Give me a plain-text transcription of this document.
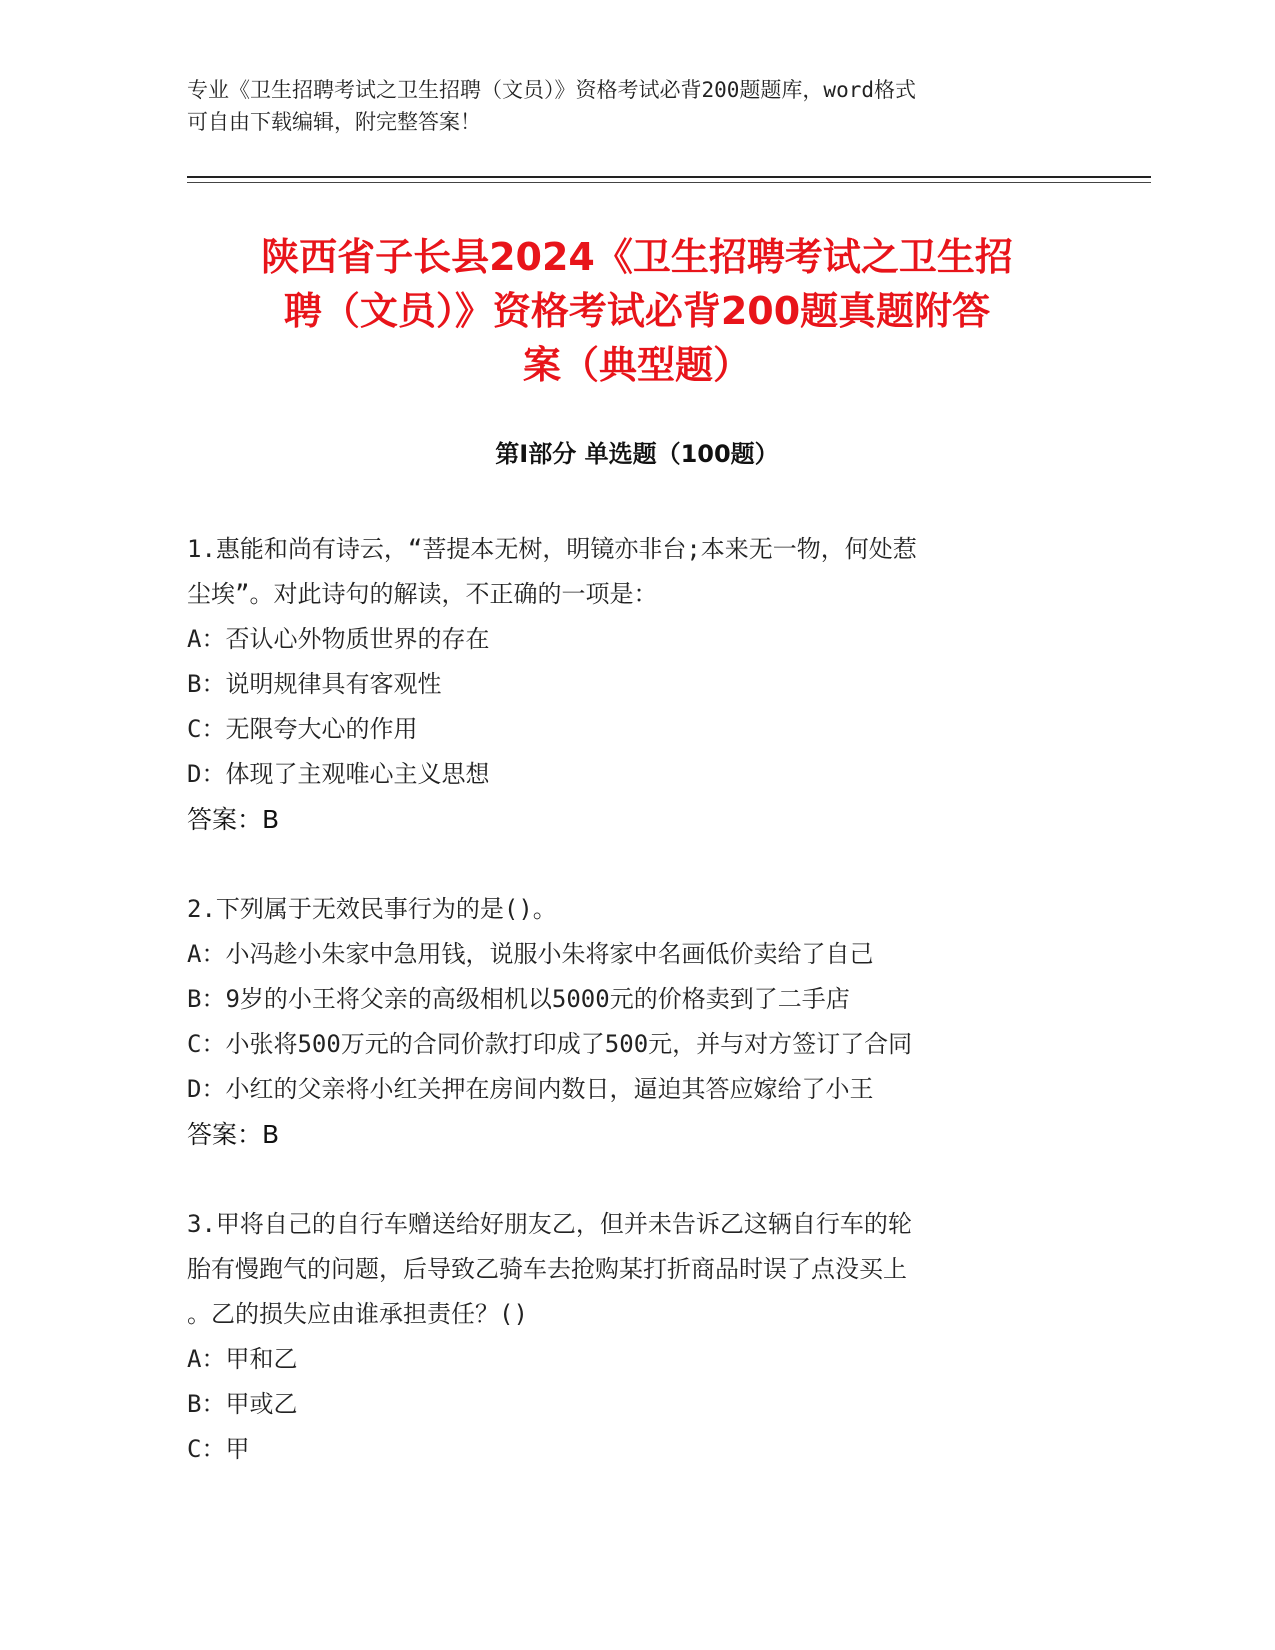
专业《卫生招聘考试之卫生招聘（文员）》资格考试必背200题题库，word格式
可自由下载编辑，附完整答案！
陕西省子长县2024《卫生招聘考试之卫生招
聘（文员）》资格考试必背200题真题附答
案（典型题）
第Ⅰ部分 单选题（100题）

1.惠能和尚有诗云，“菩提本无树，明镜亦非台;本来无一物，何处惹

尘埃”。对此诗句的解读，不正确的一项是：

A：否认心外物质世界的存在

B：说明规律具有客观性

C：无限夸大心的作用

D：体现了主观唯心主义思想

答案：B

2.下列属于无效民事行为的是()。

A：小冯趁小朱家中急用钱，说服小朱将家中名画低价卖给了自己

B：9岁的小王将父亲的高级相机以5000元的价格卖到了二手店

C：小张将500万元的合同价款打印成了500元，并与对方签订了合同

D：小红的父亲将小红关押在房间内数日，逼迫其答应嫁给了小王

答案：B

3.甲将自己的自行车赠送给好朋友乙，但并未告诉乙这辆自行车的轮

胎有慢跑气的问题，后导致乙骑车去抢购某打折商品时误了点没买上

。乙的损失应由谁承担责任？()

A：甲和乙

B：甲或乙

C：甲
